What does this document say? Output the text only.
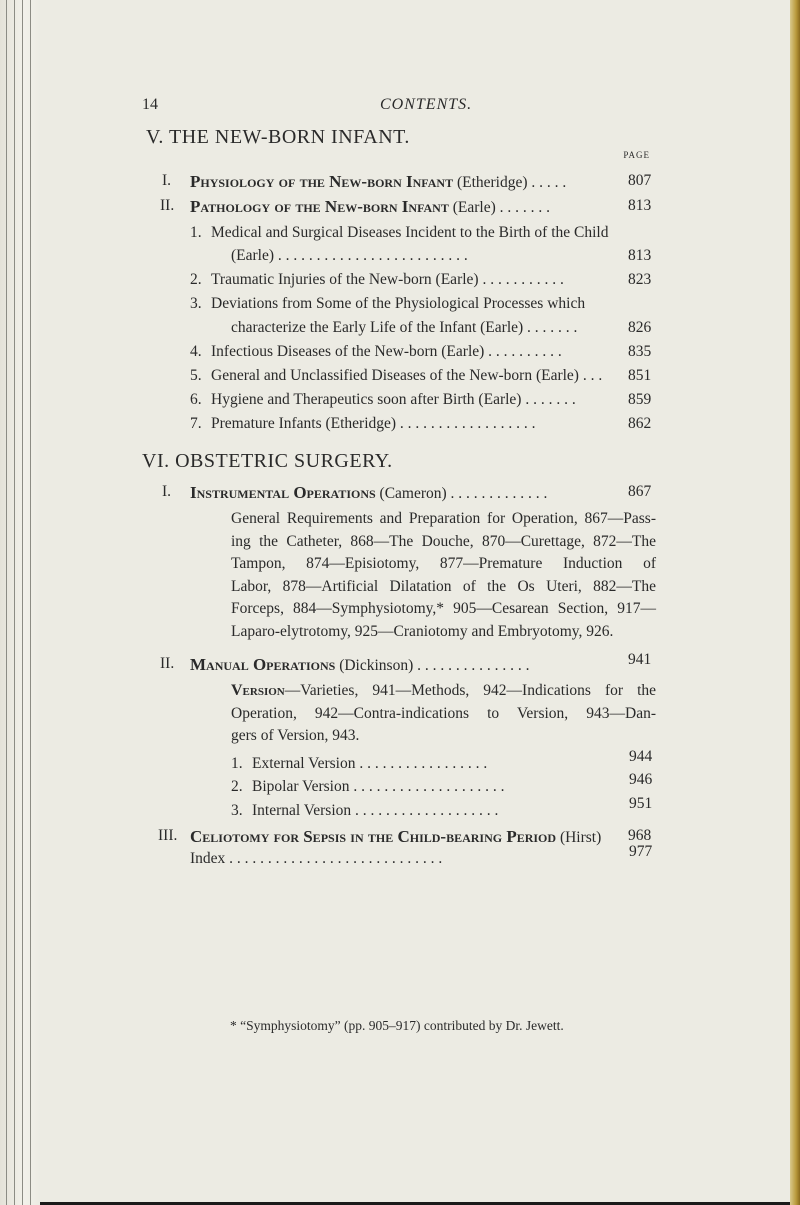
14	CONTENTS.
V. THE NEW-BORN INFANT.
PAGE
I. Physiology of the New-born Infant (Etheridge) . . . . .	807
II. Pathology of the New-born Infant (Earle) . . . . . . .	813
1. Medical and Surgical Diseases Incident to the Birth of the Child
(Earle) . . . . . . . . . . . . . . . . . . . . . . . . .	813
2. Traumatic Injuries of the New-born (Earle) . . . . . . . . . . .	823
3. Deviations from Some of the Physiological Processes which
characterize the Early Life of the Infant (Earle) . . . . . . .	826
4. Infectious Diseases of the New-born (Earle) . . . . . . . . . .	835
5. General and Unclassified Diseases of the New-born (Earle) . . .	851
6. Hygiene and Therapeutics soon after Birth (Earle) . . . . . . .	859
7. Premature Infants (Etheridge) . . . . . . . . . . . . . . . . . .	862
VI. OBSTETRIC SURGERY.
I. Instrumental Operations (Cameron) . . . . . . . . . . . . .	867
General Requirements and Preparation for Operation, 867—Pass-
ing the Catheter, 868—The Douche, 870—Curettage, 872—The
Tampon, 874—Episiotomy, 877—Premature Induction of
Labor, 878—Artificial Dilatation of the Os Uteri, 882—The
Forceps, 884—Symphysiotomy,* 905—Cesarean Section, 917—
Laparo-elytrotomy, 925—Craniotomy and Embryotomy, 926.
II. Manual Operations (Dickinson) . . . . . . . . . . . . . . .	941
Version—Varieties, 941—Methods, 942—Indications for the
Operation, 942—Contra-indications to Version, 943—Dan-
gers of Version, 943.
1. External Version . . . . . . . . . . . . . . . . .	944
2. Bipolar Version . . . . . . . . . . . . . . . . . . . .	946
3. Internal Version . . . . . . . . . . . . . . . . . . .	951
III. Celiotomy for Sepsis in the Child-bearing Period (Hirst)	968
Index . . . . . . . . . . . . . . . . . . . . . . . . . . . .	977
* “Symphysiotomy” (pp. 905–917) contributed by Dr. Jewett.
